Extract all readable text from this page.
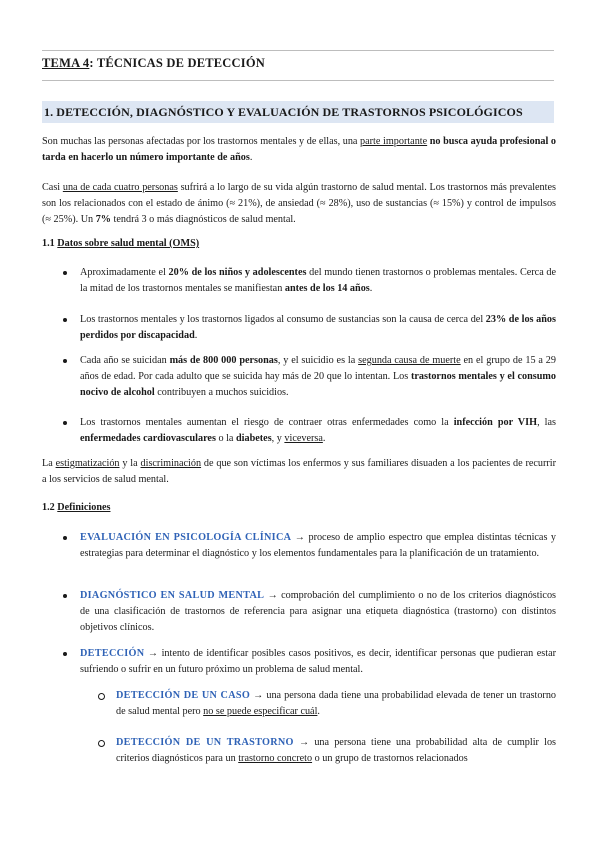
TEMA 4: TÉCNICAS DE DETECCIÓN
1. DETECCIÓN, DIAGNÓSTICO Y EVALUACIÓN DE TRASTORNOS PSICOLÓGICOS
Son muchas las personas afectadas por los trastornos mentales y de ellas, una parte importante no busca ayuda profesional o tarda en hacerlo un número importante de años.
Casi una de cada cuatro personas sufrirá a lo largo de su vida algún trastorno de salud mental. Los trastornos más prevalentes son los relacionados con el estado de ánimo (≈ 21%), de ansiedad (≈ 28%), uso de sustancias (≈ 15%) y control de impulsos (≈ 25%). Un 7% tendrá 3 o más diagnósticos de salud mental.
1.1 Datos sobre salud mental (OMS)
Aproximadamente el 20% de los niños y adolescentes del mundo tienen trastornos o problemas mentales. Cerca de la mitad de los trastornos mentales se manifiestan antes de los 14 años.
Los trastornos mentales y los trastornos ligados al consumo de sustancias son la causa de cerca del 23% de los años perdidos por discapacidad.
Cada año se suicidan más de 800 000 personas, y el suicidio es la segunda causa de muerte en el grupo de 15 a 29 años de edad. Por cada adulto que se suicida hay más de 20 que lo intentan. Los trastornos mentales y el consumo nocivo de alcohol contribuyen a muchos suicidios.
Los trastornos mentales aumentan el riesgo de contraer otras enfermedades como la infección por VIH, las enfermedades cardiovasculares o la diabetes, y viceversa.
La estigmatización y la discriminación de que son víctimas los enfermos y sus familiares disuaden a los pacientes de recurrir a los servicios de salud mental.
1.2 Definiciones
EVALUACIÓN EN PSICOLOGÍA CLÍNICA → proceso de amplio espectro que emplea distintas técnicas y estrategias para determinar el diagnóstico y los elementos fundamentales para la planificación de un tratamiento.
DIAGNÓSTICO EN SALUD MENTAL → comprobación del cumplimiento o no de los criterios diagnósticos de una clasificación de trastornos de referencia para asignar una etiqueta diagnóstica (trastorno) con distintos objetivos clínicos.
DETECCIÓN → intento de identificar posibles casos positivos, es decir, identificar personas que pudieran estar sufriendo o sufrir en un futuro próximo un problema de salud mental.
DETECCIÓN DE UN CASO → una persona dada tiene una probabilidad elevada de tener un trastorno de salud mental pero no se puede especificar cuál.
DETECCIÓN DE UN TRASTORNO → una persona tiene una probabilidad alta de cumplir los criterios diagnósticos para un trastorno concreto o un grupo de trastornos relacionados
